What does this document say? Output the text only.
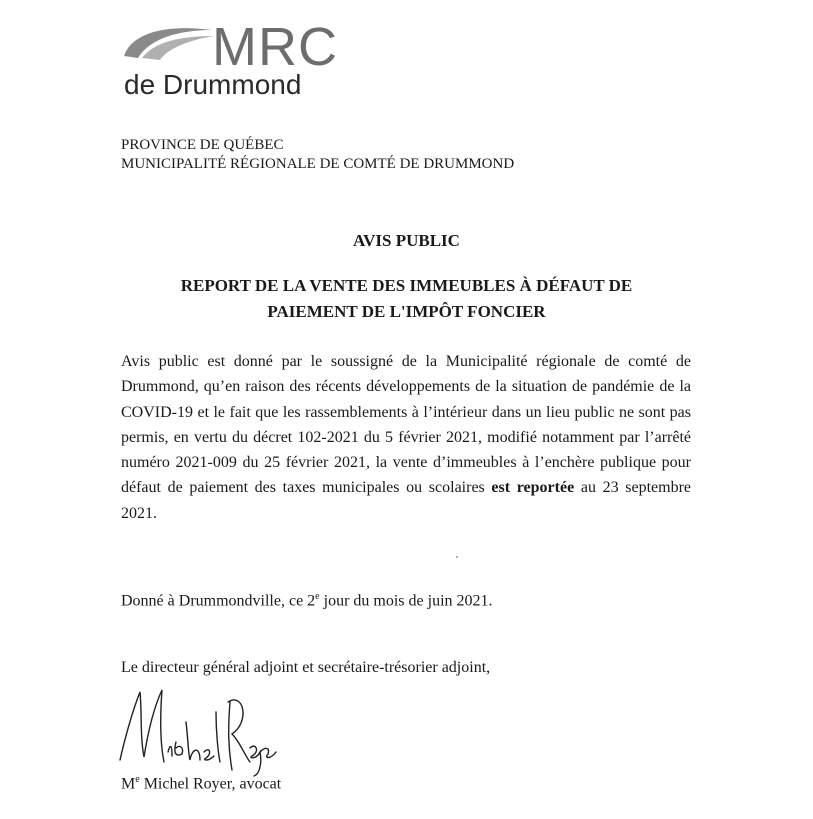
MRC
de Drummond
PROVINCE DE QUÉBEC
MUNICIPALITÉ RÉGIONALE DE COMTÉ DE DRUMMOND
AVIS PUBLIC
REPORT DE LA VENTE DES IMMEUBLES À DÉFAUT DE
PAIEMENT DE L'IMPÔT FONCIER
Avis public est donné par le soussigné de la Municipalité régionale de comté de Drummond, qu’en raison des récents développements de la situation de pandémie de la COVID-19 et le fait que les rassemblements à l’intérieur dans un lieu public ne sont pas permis, en vertu du décret 102-2021 du 5 février 2021, modifié notamment par l’arrêté numéro 2021-009 du 25 février 2021, la vente d’immeubles à l’enchère publique pour défaut de paiement des taxes municipales ou scolaires est reportée au 23 septembre 2021.
Donné à Drummondville, ce 2e jour du mois de juin 2021.
Le directeur général adjoint et secrétaire-trésorier adjoint,
Me Michel Royer, avocat
